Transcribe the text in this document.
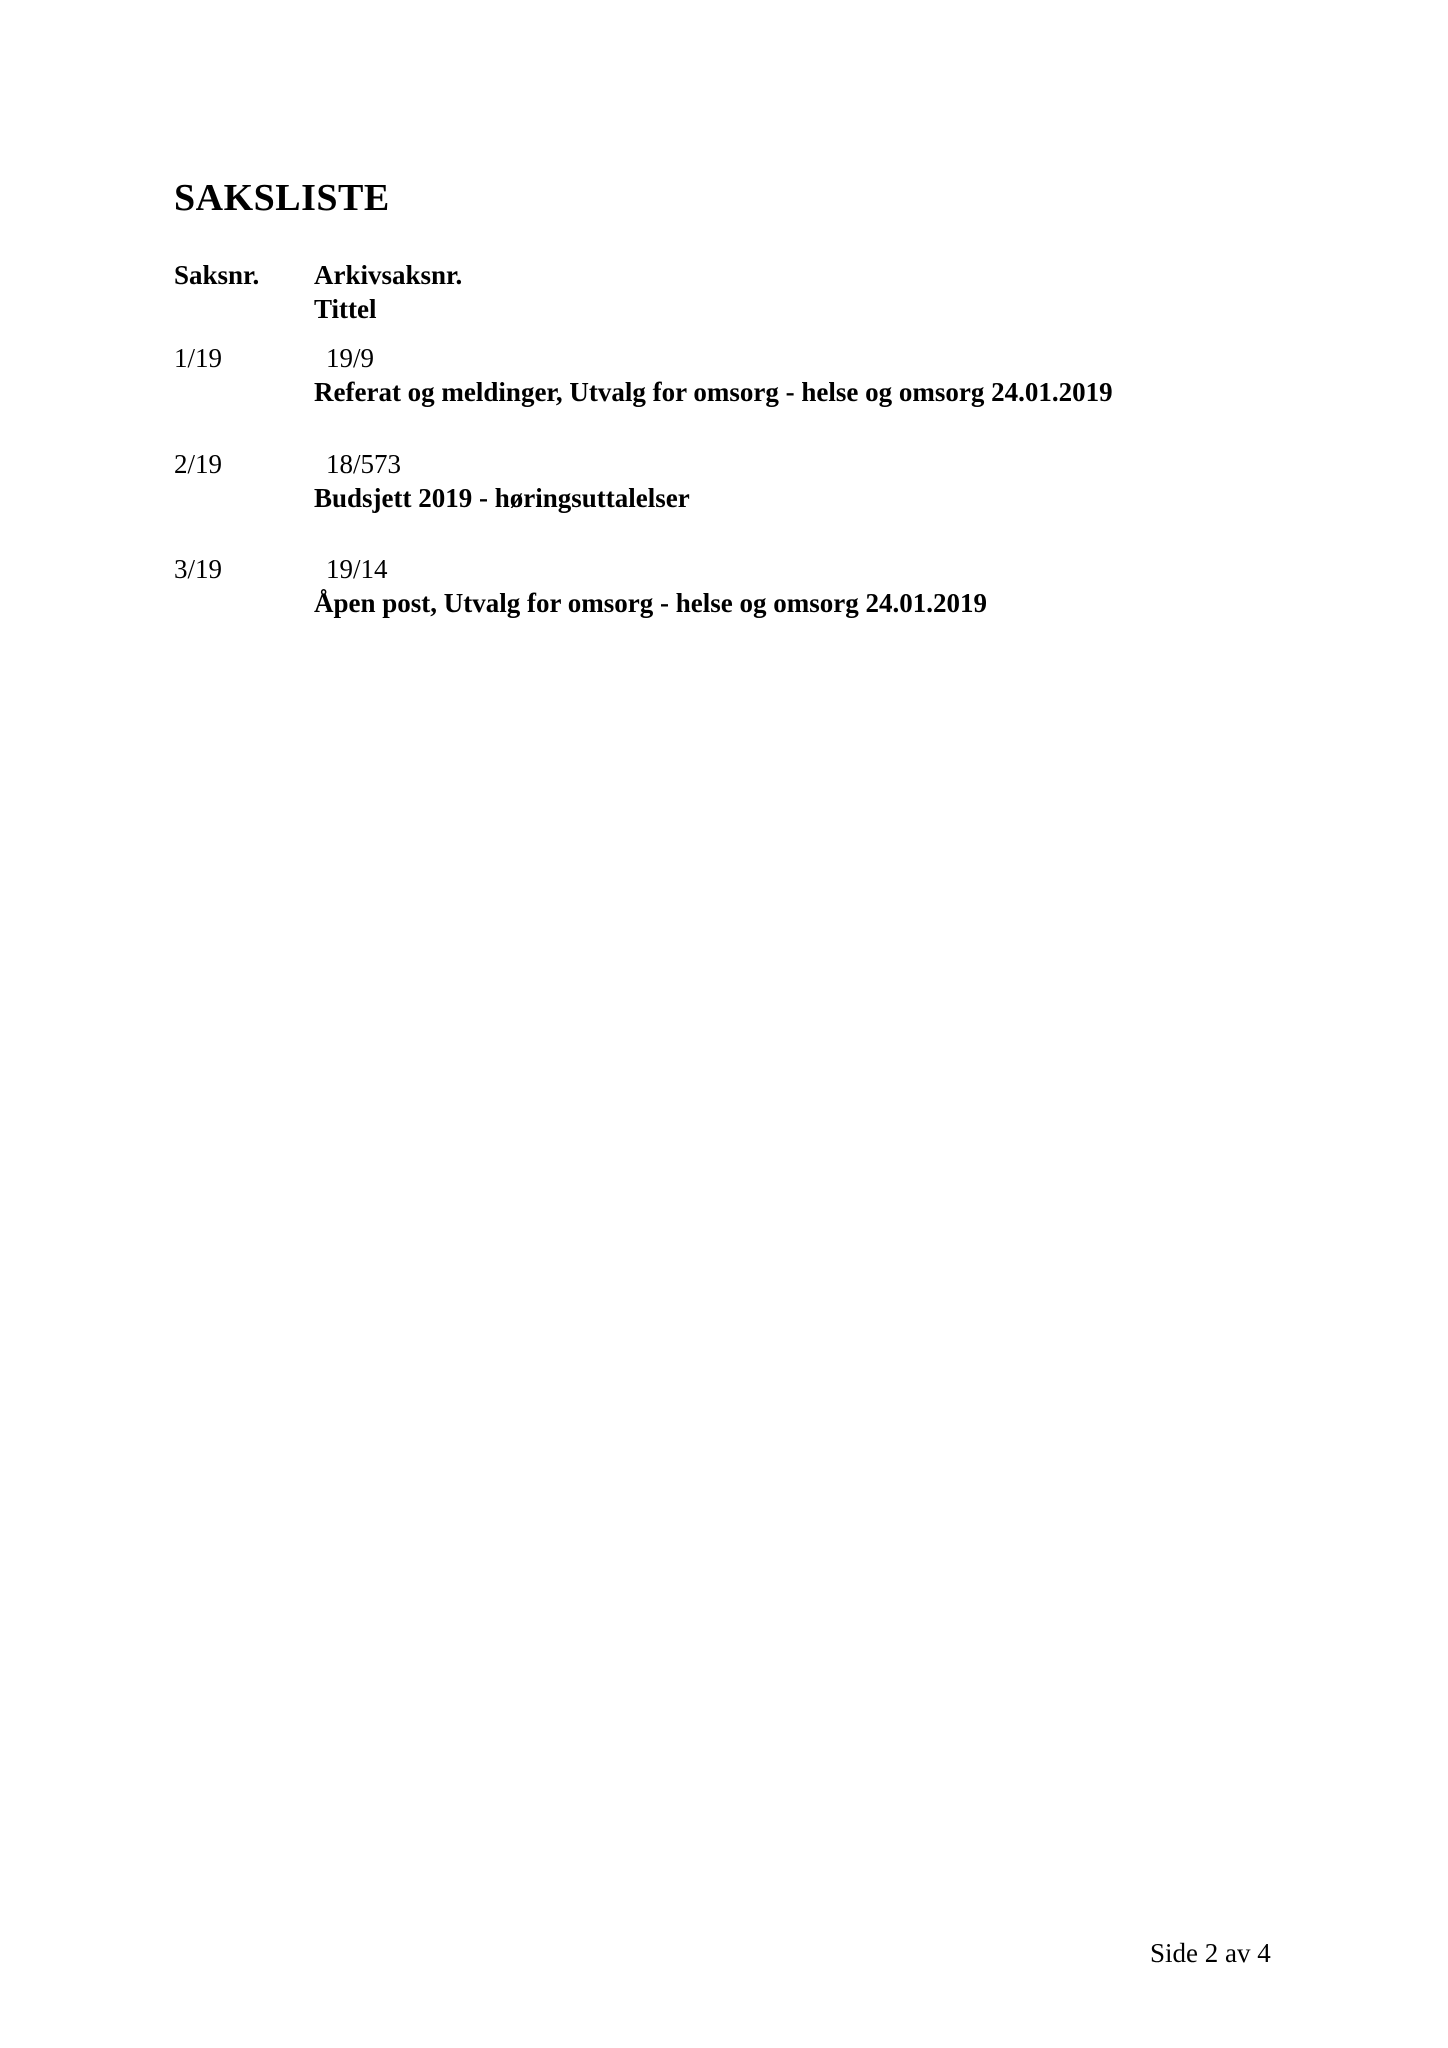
SAKSLISTE
Saksnr.	Arkivsaksnr.
Tittel
1/19	19/9
Referat og meldinger, Utvalg for omsorg - helse og omsorg 24.01.2019
2/19	18/573
Budsjett 2019 - høringsuttalelser
3/19	19/14
Åpen post, Utvalg for omsorg - helse og omsorg 24.01.2019
Side 2 av 4
